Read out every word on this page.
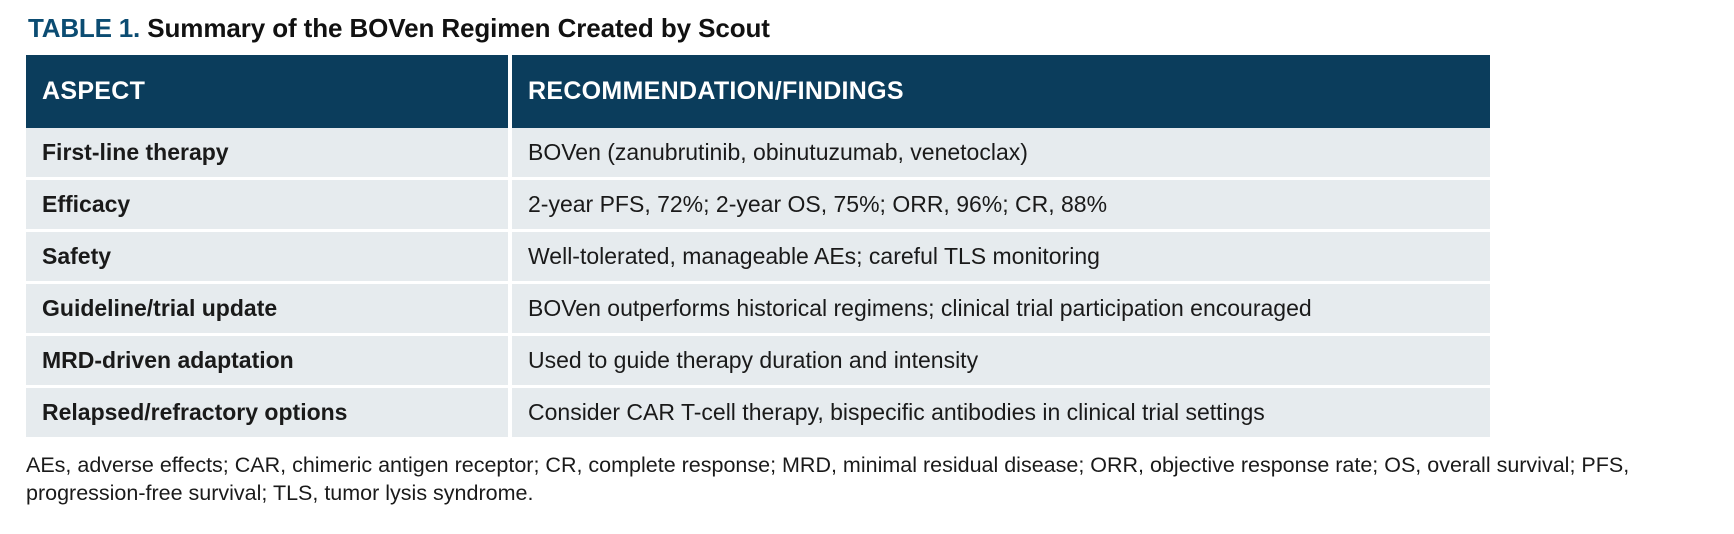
TABLE 1. Summary of the BOVen Regimen Created by Scout
ASPECT	RECOMMENDATION/FINDINGS
First-line therapy	BOVen (zanubrutinib, obinutuzumab, venetoclax)
Efficacy	2-year PFS, 72%; 2-year OS, 75%; ORR, 96%; CR, 88%
Safety	Well-tolerated, manageable AEs; careful TLS monitoring
Guideline/trial update	BOVen outperforms historical regimens; clinical trial participation encouraged
MRD-driven adaptation	Used to guide therapy duration and intensity
Relapsed/refractory options	Consider CAR T-cell therapy, bispecific antibodies in clinical trial settings
AEs, adverse effects; CAR, chimeric antigen receptor; CR, complete response; MRD, minimal residual disease; ORR, objective response rate; OS, overall survival; PFS, progression-free survival; TLS, tumor lysis syndrome.
